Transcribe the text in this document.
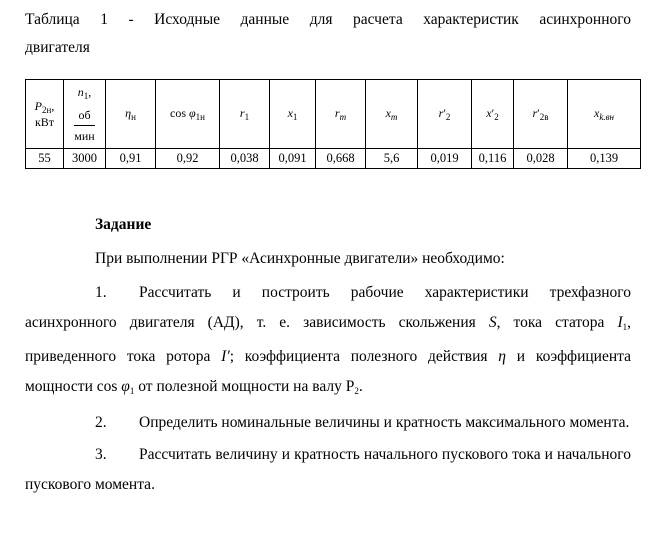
Таблица 1 - Исходные данные для расчета характеристик асинхронного
двигателя
$P_{2н}$,
кВт	$n_1$,
об
мин	$\eta_н$	$\cos \varphi_{1н}$	$r_1$	$x_1$	$r_m$	$x_m$	$r'_2$	$x'_2$	$r'_{2в}$	$x_{k.вн}$
55	3000	0,91	0,92	0,038	0,091	0,668	5,6	0,019	0,116	0,028	0,139
Задание
При выполнении РГР «Асинхронные двигатели» необходимо:

1. Рассчитать и построить рабочие характеристики трехфазного асинхронного двигателя (АД), т. е. зависимость скольжения S, тока статора $I_1$, приведенного тока ротора I′; коэффициента полезного действия η и коэффициента мощности $\cos \varphi_1$ от полезной мощности на валу $P_2$.

2. Определить номинальные величины и кратность максимального момента.

3. Рассчитать величину и кратность начального пускового тока и начального пускового момента.
